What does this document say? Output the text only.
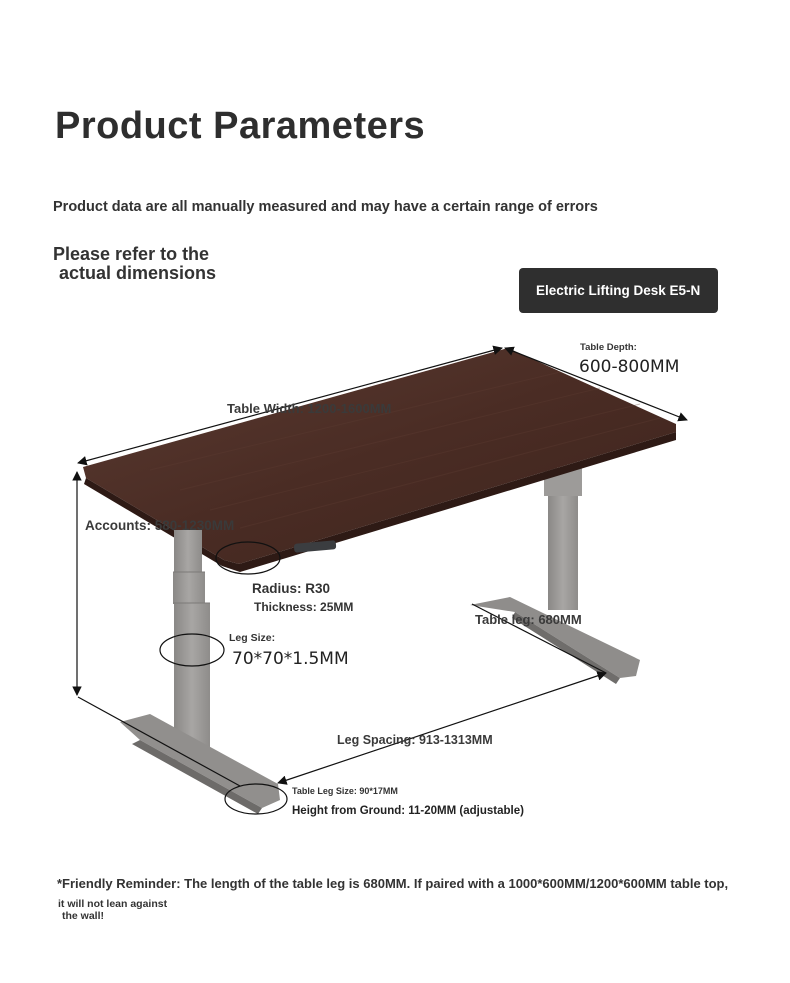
Product Parameters
Product data are all manually measured and may have a certain range of errors
Please refer to the
actual dimensions
Electric Lifting Desk E5-N
Table Depth:
600-800MM
Table Width: 1200-1600MM
Accounts: 580-1230MM
Radius: R30
Thickness: 25MM
Leg Size:
70*70*1.5MM
Table leg: 680MM
Leg Spacing: 913-1313MM
Table Leg Size: 90*17MM
Height from Ground: 11-20MM (adjustable)
*Friendly Reminder: The length of the table leg is 680MM. If paired with a 1000*600MM/1200*600MM table top,
it will not lean against
the wall!
